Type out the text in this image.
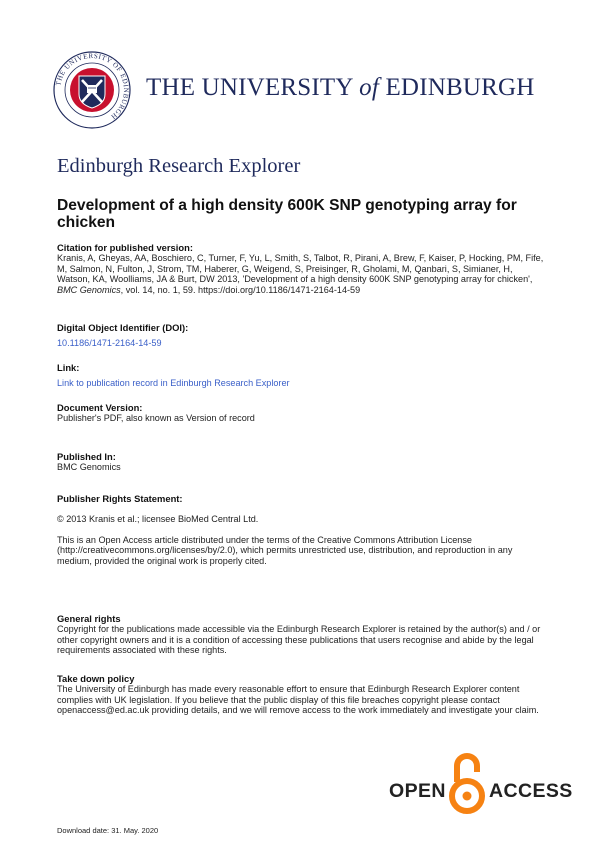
THE UNIVERSITY OF EDINBURGH
THE UNIVERSITY of EDINBURGH
Edinburgh Research Explorer
Development of a high density 600K SNP genotyping array for chicken
Citation for published version:
Kranis, A, Gheyas, AA, Boschiero, C, Turner, F, Yu, L, Smith, S, Talbot, R, Pirani, A, Brew, F, Kaiser, P, Hocking, PM, Fife, M, Salmon, N, Fulton, J, Strom, TM, Haberer, G, Weigend, S, Preisinger, R, Gholami, M, Qanbari, S, Simianer, H, Watson, KA, Woolliams, JA & Burt, DW 2013, 'Development of a high density 600K SNP genotyping array for chicken', BMC Genomics, vol. 14, no. 1, 59. https://doi.org/10.1186/1471-2164-14-59
Digital Object Identifier (DOI):
10.1186/1471-2164-14-59
Link:
Link to publication record in Edinburgh Research Explorer
Document Version:
Publisher's PDF, also known as Version of record
Published In:
BMC Genomics
Publisher Rights Statement:
© 2013 Kranis et al.; licensee BioMed Central Ltd.
This is an Open Access article distributed under the terms of the Creative Commons Attribution License (http://creativecommons.org/licenses/by/2.0), which permits unrestricted use, distribution, and reproduction in any medium, provided the original work is properly cited.
General rights
Copyright for the publications made accessible via the Edinburgh Research Explorer is retained by the author(s) and / or other copyright owners and it is a condition of accessing these publications that users recognise and abide by the legal requirements associated with these rights.
Take down policy
The University of Edinburgh has made every reasonable effort to ensure that Edinburgh Research Explorer content complies with UK legislation. If you believe that the public display of this file breaches copyright please contact openaccess@ed.ac.uk providing details, and we will remove access to the work immediately and investigate your claim.
OPEN ACCESS
Download date: 31. May. 2020
